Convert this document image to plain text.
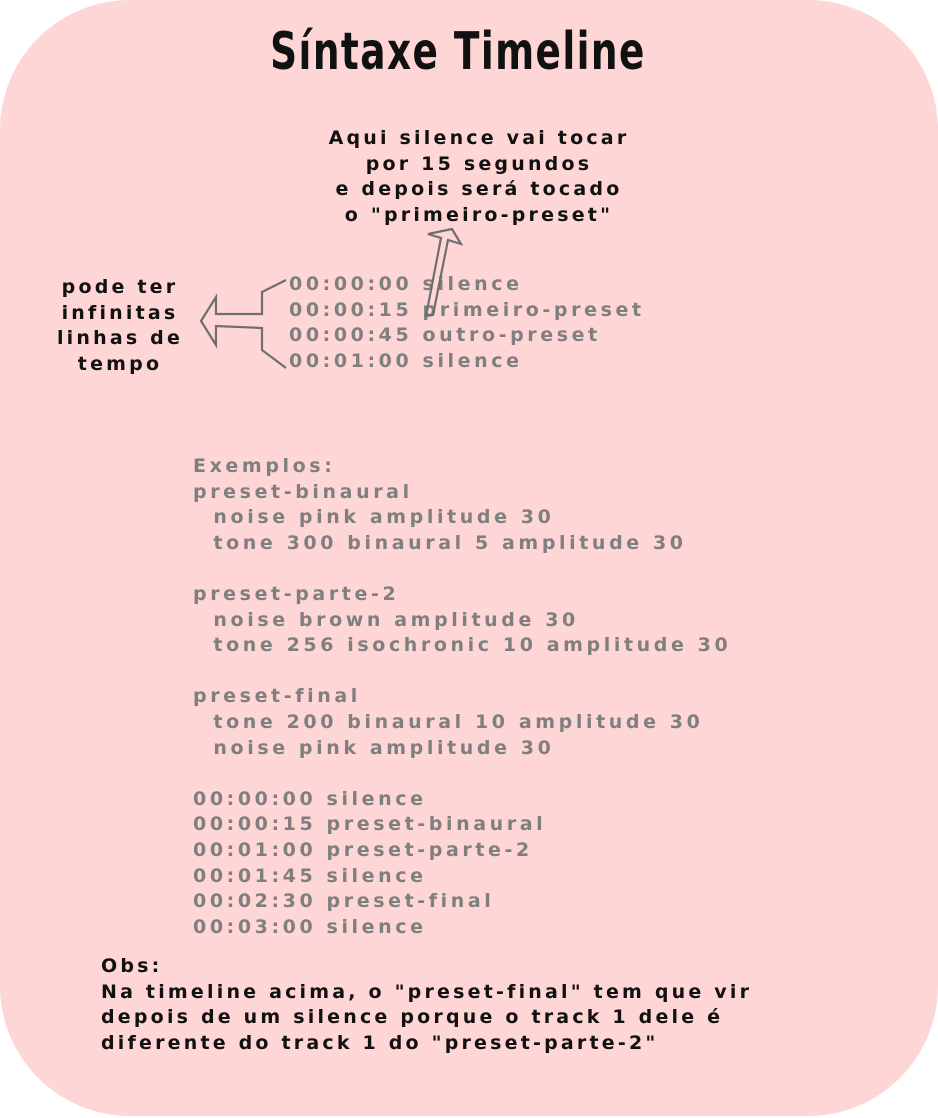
Síntaxe Timeline
Aqui silence vai tocar
por 15 segundos
e depois será tocado
o "primeiro-preset"
pode ter
infinitas
linhas de
tempo
00:00:00 silence
00:00:15 primeiro-preset
00:00:45 outro-preset
00:01:00 silence
Exemplos:
preset-binaural
noise pink amplitude 30
tone 300 binaural 5 amplitude 30
preset-parte-2
noise brown amplitude 30
tone 256 isochronic 10 amplitude 30
preset-final
tone 200 binaural 10 amplitude 30
noise pink amplitude 30
00:00:00 silence
00:00:15 preset-binaural
00:01:00 preset-parte-2
00:01:45 silence
00:02:30 preset-final
00:03:00 silence
Obs:
Na timeline acima, o "preset-final" tem que vir
depois de um silence porque o track 1 dele é
diferente do track 1 do "preset-parte-2"
